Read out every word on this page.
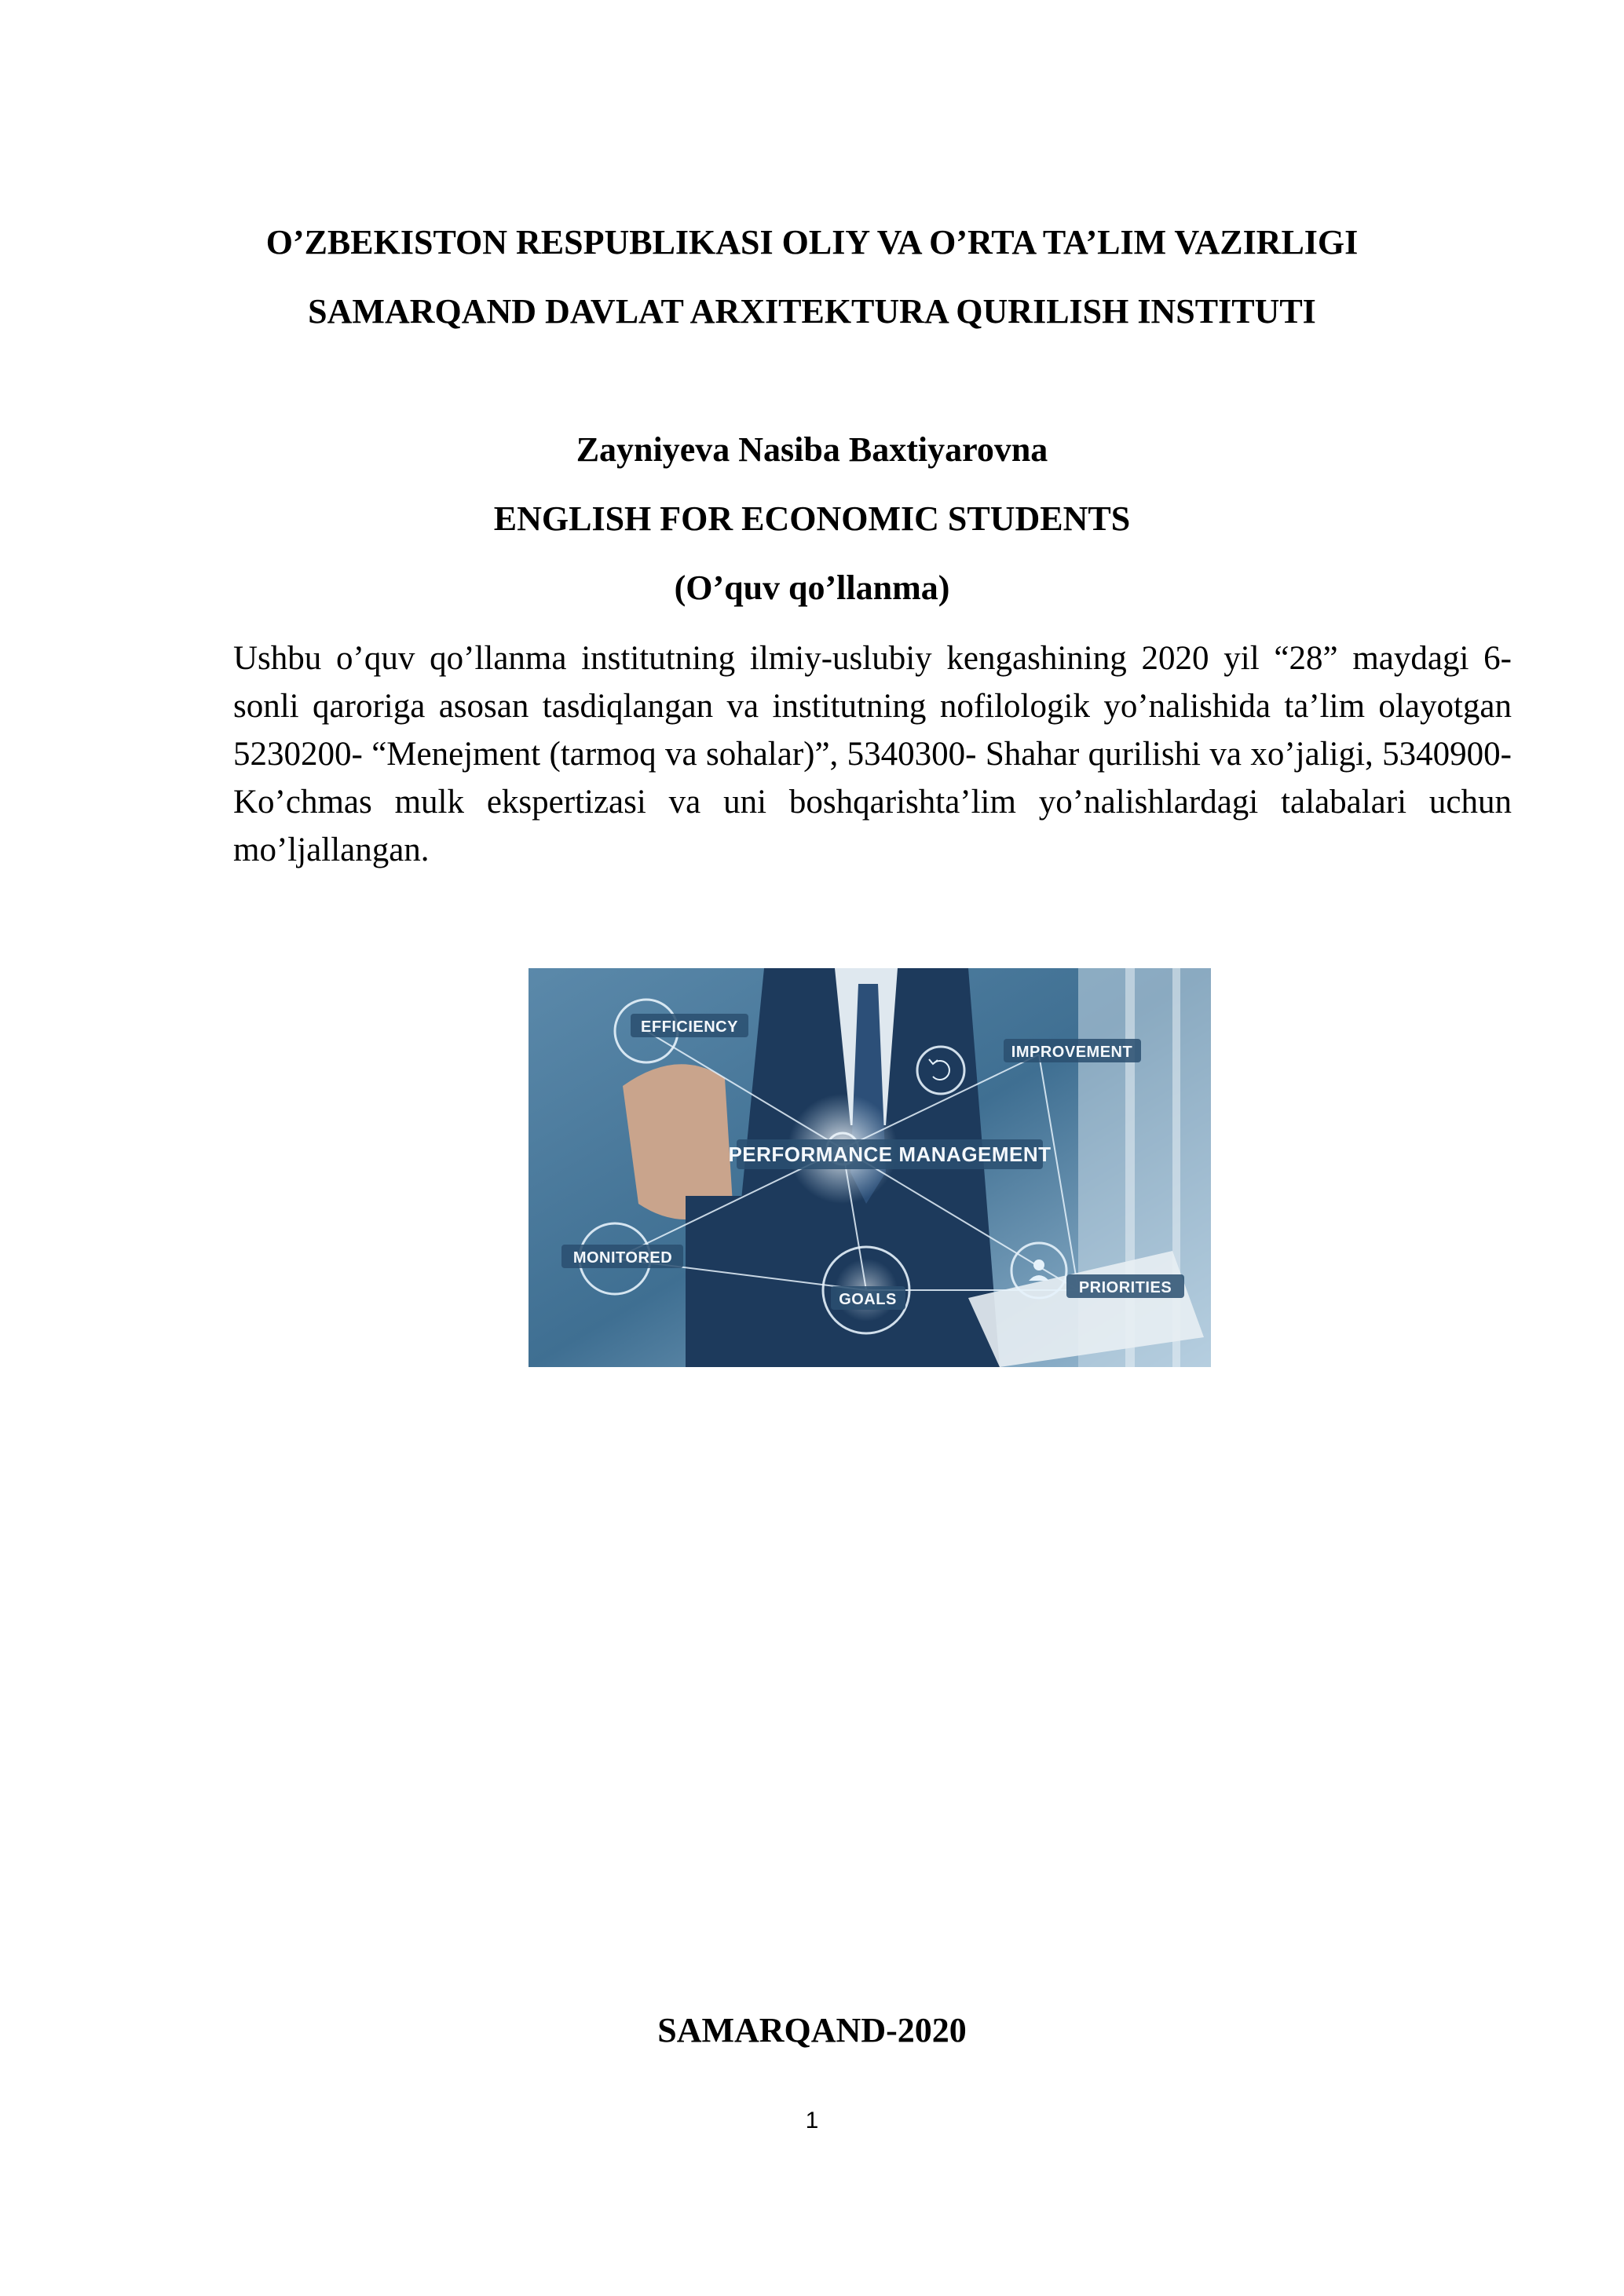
O’ZBEKISTON RESPUBLIKASI OLIY VA O’RTA TA’LIM VAZIRLIGI
SAMARQAND DAVLAT ARXITEKTURA QURILISH INSTITUTI
Zayniyeva Nasiba Baxtiyarovna
ENGLISH FOR ECONOMIC STUDENTS
(O’quv qo’llanma)

Ushbu o’quv qo’llanma institutning ilmiy-uslubiy kengashining 2020 yil “28” maydagi 6-sonli qaroriga asosan tasdiqlangan va institutning nofilologik yo’nalishida ta’lim olayotgan 5230200- “Menejment (tarmoq va sohalar)”, 5340300- Shahar qurilishi va xo’jaligi, 5340900- Ko’chmas mulk ekspertizasi va uni boshqarishta’lim yo’nalishlardagi talabalari uchun mo’ljallangan.

EFFICIENCY
IMPROVEMENT
PERFORMANCE MANAGEMENT
MONITORED
GOALS
PRIORITIES
SAMARQAND-2020
1
